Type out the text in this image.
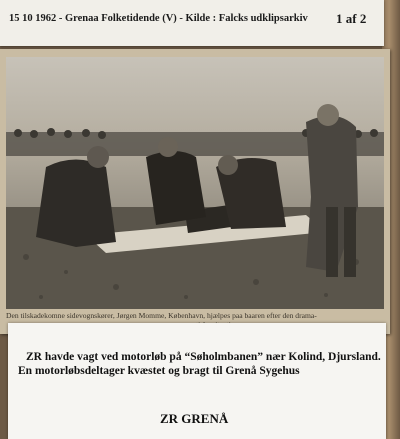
15 10 1962 - Grenaa Folketidende (V) - Kilde : Falcks udklipsarkiv 1 af 2
Den tilskadekomne sidevognskører, Jørgen Momme, København, hjælpes paa baaren efter den drama-
ZR havde vagt ved motorløb på “Søholmbanen” nær Kolind, Djursland.
En motorløbsdeltager kvæstet og bragt til Grenå Sygehus
ZR GRENÅ
